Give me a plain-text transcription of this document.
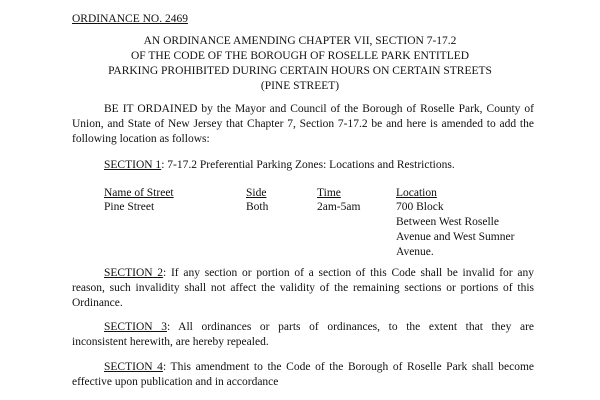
ORDINANCE NO. 2469
AN ORDINANCE AMENDING CHAPTER VII, SECTION 7-17.2
OF THE CODE OF THE BOROUGH OF ROSELLE PARK ENTITLED
PARKING PROHIBITED DURING CERTAIN HOURS ON CERTAIN STREETS
(PINE STREET)
BE IT ORDAINED by the Mayor and Council of the Borough of Roselle Park, County of
Union, and State of New Jersey that Chapter 7, Section 7-17.2 be and here is amended to add the
following location as follows:
SECTION 1: 7-17.2 Preferential Parking Zones: Locations and Restrictions.
Name of Street	Side	Time	Location
Pine Street	Both	2am-5am	700 Block
Between West Roselle
Avenue and West Sumner
Avenue.
SECTION 2: If any section or portion of a section of this Code shall be invalid for any
reason, such invalidity shall not affect the validity of the remaining sections or portions of this
Ordinance.
SECTION 3: All ordinances or parts of ordinances, to the extent that they are
inconsistent herewith, are hereby repealed.
SECTION 4: This amendment to the Code of the Borough of Roselle Park shall become
effective upon publication and in accordance
